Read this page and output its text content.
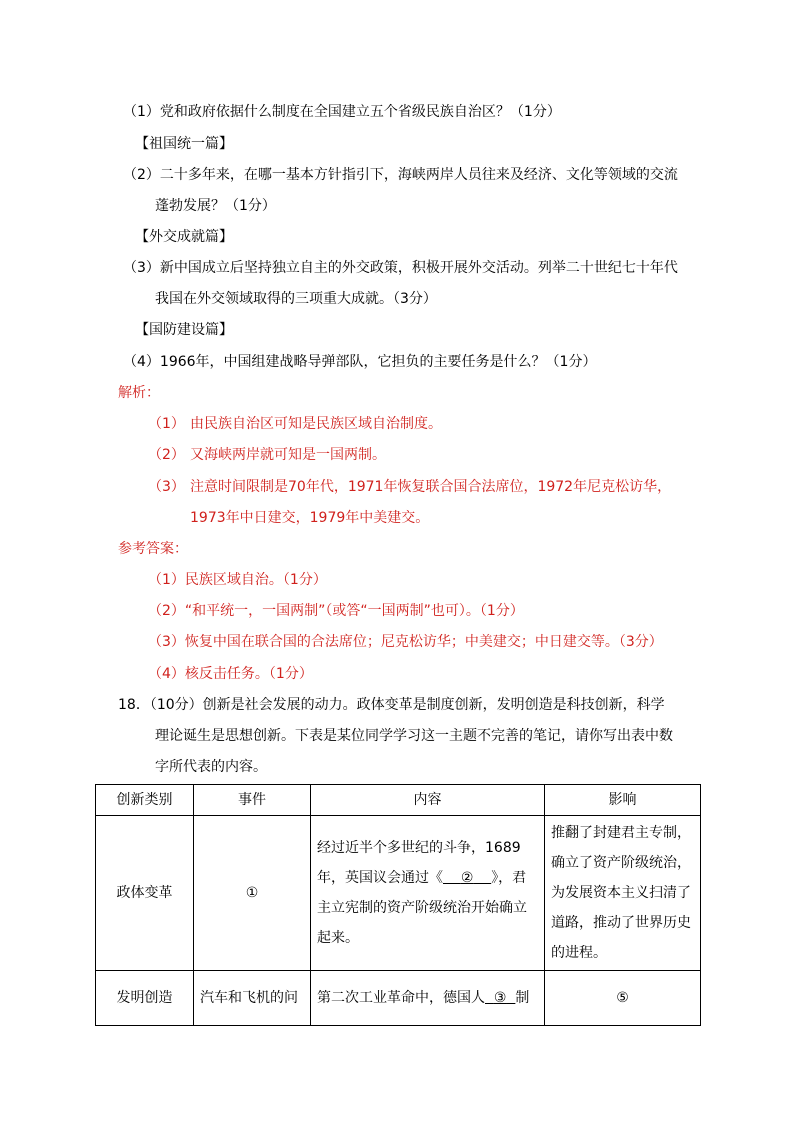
（1）党和政府依据什么制度在全国建立五个省级民族自治区？（1分）
【祖国统一篇】
（2）二十多年来，在哪一基本方针指引下，海峡两岸人员往来及经济、文化等领域的交流
蓬勃发展？（1分）
【外交成就篇】
（3）新中国成立后坚持独立自主的外交政策，积极开展外交活动。列举二十世纪七十年代
我国在外交领域取得的三项重大成就。（3分）
【国防建设篇】
（4）1966年，中国组建战略导弹部队，它担负的主要任务是什么？（1分）
解析：
（1） 由民族自治区可知是民族区域自治制度。
（2） 又海峡两岸就可知是一国两制。
（3） 注意时间限制是70年代，1971年恢复联合国合法席位，1972年尼克松访华，
1973年中日建交，1979年中美建交。
参考答案：
（1）民族区域自治。（1分）
（2）“和平统一，一国两制”（或答“一国两制”也可）。（1分）
（3）恢复中国在联合国的合法席位；尼克松访华；中美建交；中日建交等。（3分）
（4）核反击任务。（1分）
18．（10分）创新是社会发展的动力。政体变革是制度创新，发明创造是科技创新，科学
理论诞生是思想创新。下表是某位同学学习这一主题不完善的笔记，请你写出表中数
字所代表的内容。
创新类别	事件	内容	影响
政体变革	①	经过近半个多世纪的斗争，1689年，英国议会通过《 ② 》，君主立宪制的资产阶级统治开始确立起来。	推翻了封建君主专制，确立了资产阶级统治，为发展资本主义扫清了道路，推动了世界历史的进程。
发明创造	汽车和飞机的问	第二次工业革命中，德国人 ③ 制	⑤
